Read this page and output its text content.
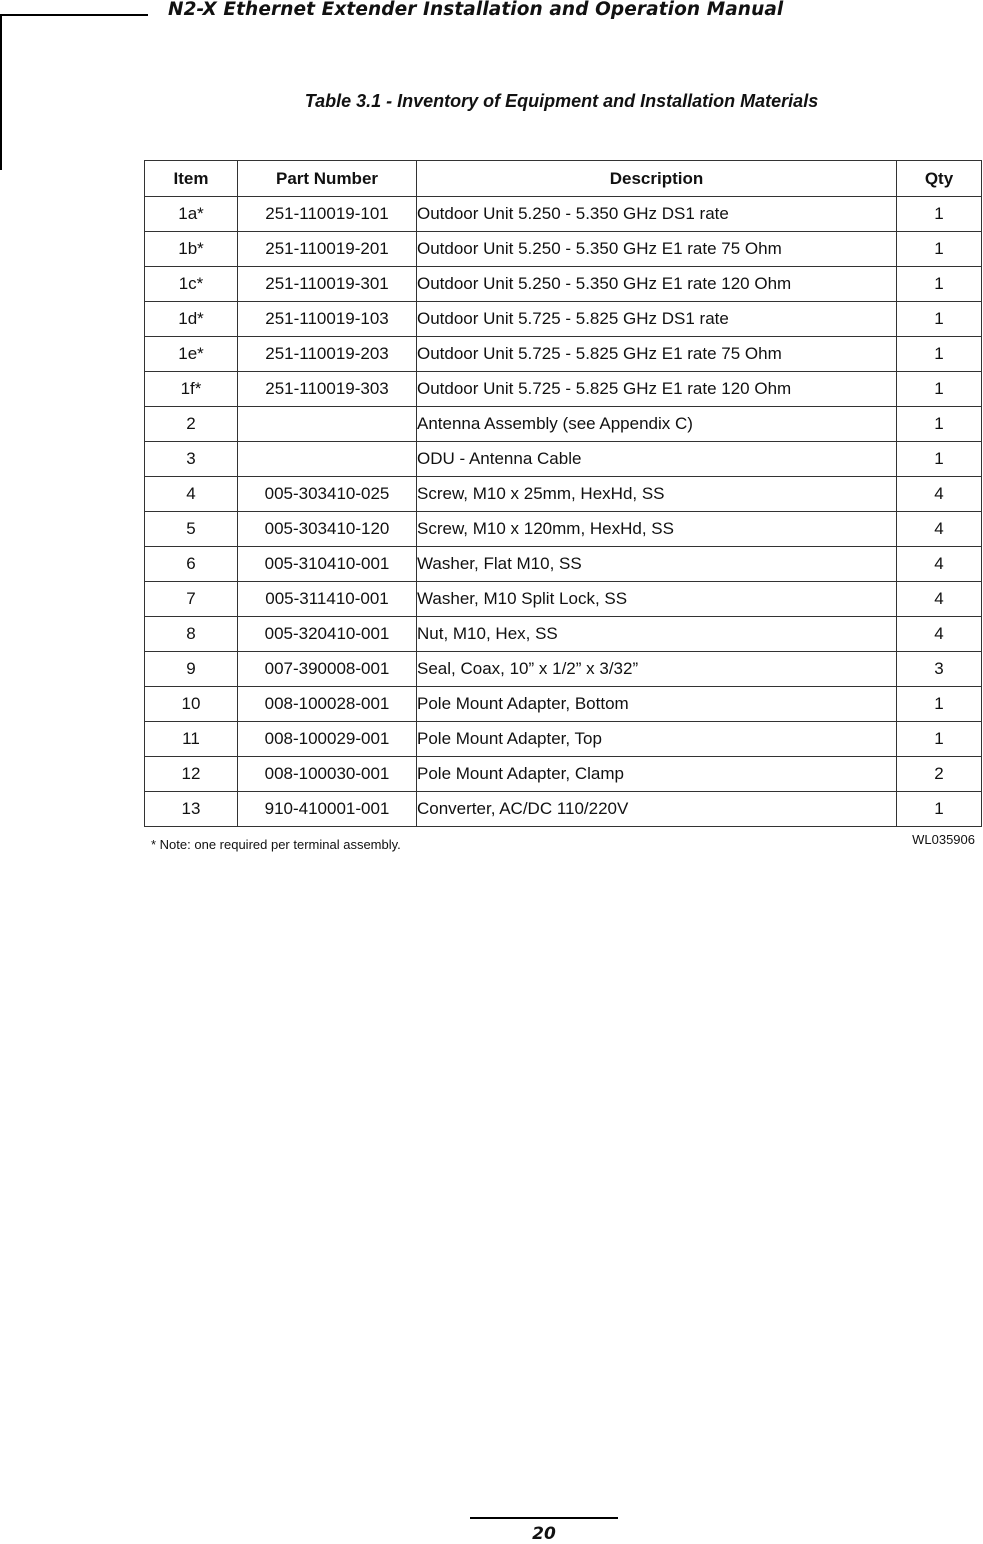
N2-X Ethernet Extender Installation and Operation Manual
Table 3.1 - Inventory of Equipment and Installation Materials
Item	Part Number	Description	Qty
1a*	251-110019-101	Outdoor Unit 5.250 - 5.350 GHz DS1 rate	1
1b*	251-110019-201	Outdoor Unit 5.250 - 5.350 GHz E1 rate 75 Ohm	1
1c*	251-110019-301	Outdoor Unit 5.250 - 5.350 GHz E1 rate 120 Ohm	1
1d*	251-110019-103	Outdoor Unit 5.725 - 5.825 GHz DS1 rate	1
1e*	251-110019-203	Outdoor Unit 5.725 - 5.825 GHz E1 rate 75 Ohm	1
1f*	251-110019-303	Outdoor Unit 5.725 - 5.825 GHz E1 rate 120 Ohm	1
2		Antenna Assembly (see Appendix C)	1
3		ODU - Antenna Cable	1
4	005-303410-025	Screw, M10 x 25mm, HexHd, SS	4
5	005-303410-120	Screw, M10 x 120mm, HexHd, SS	4
6	005-310410-001	Washer, Flat M10, SS	4
7	005-311410-001	Washer, M10 Split Lock, SS	4
8	005-320410-001	Nut, M10, Hex, SS	4
9	007-390008-001	Seal, Coax, 10” x 1/2” x 3/32”	3
10	008-100028-001	Pole Mount Adapter, Bottom	1
11	008-100029-001	Pole Mount Adapter, Top	1
12	008-100030-001	Pole Mount Adapter, Clamp	2
13	910-410001-001	Converter, AC/DC 110/220V	1
* Note: one required per terminal assembly.	WL035906
20
